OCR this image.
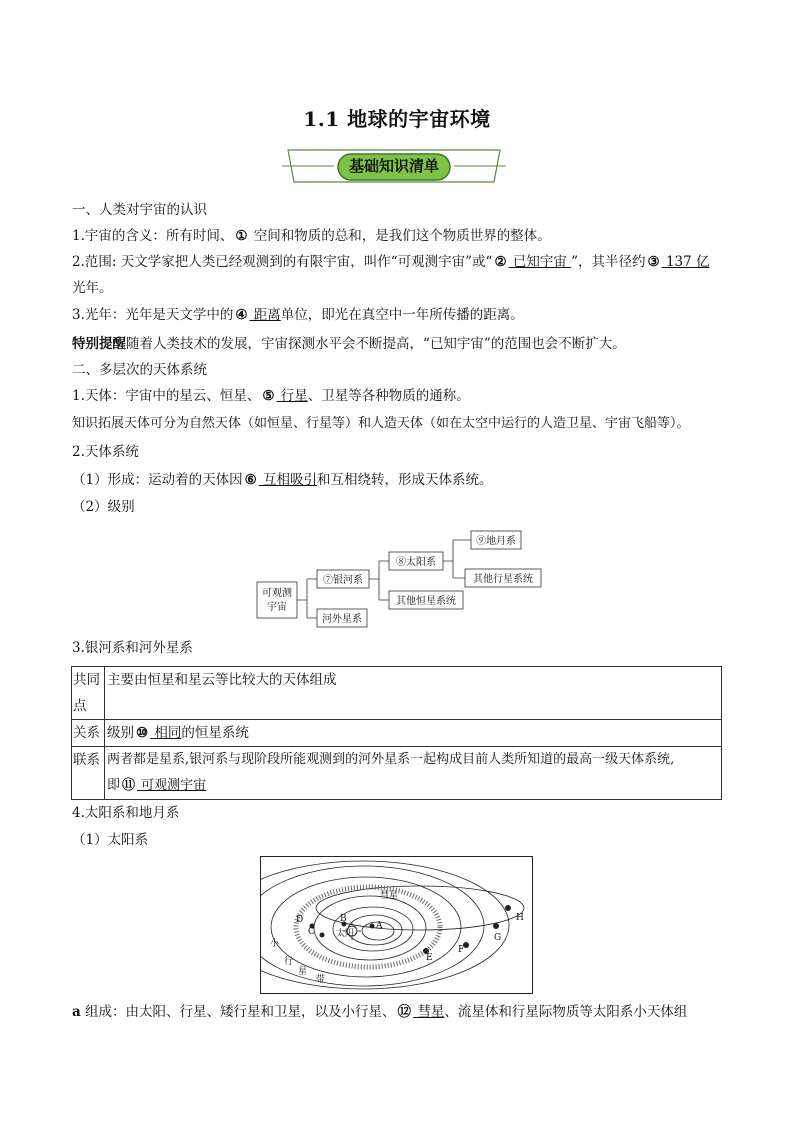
1.1 地球的宇宙环境
基础知识清单
一、人类对宇宙的认识
1.宇宙的含义：所有时间、 ① 空间和物质的总和，是我们这个物质世界的整体。
2.范围: 天文学家把人类已经观测到的有限宇宙，叫作“可观测宇宙”或“ ② 已知宇宙 ”，其半径约 ③ 137 亿
光年。
3.光年：光年是天文学中的 ④ 距离单位，即光在真空中一年所传播的距离。
特别提醒随着人类技术的发展，宇宙探测水平会不断提高，“已知宇宙”的范围也会不断扩大。
二、多层次的天体系统
1.天体：宇宙中的星云、恒星、 ⑤ 行星、卫星等各种物质的通称。
知识拓展天体可分为自然天体（如恒星、行星等）和人造天体（如在太空中运行的人造卫星、宇宙飞船等）。
2.天体系统
（1）形成：运动着的天体因 ⑥ 互相吸引和互相绕转，形成天体系统。
（2）级别
可观测
宇宙
⑦银河系
河外星系
⑧太阳系
其他恒星系统
⑨地月系
其他行星系统
3.银河系和河外星系
共同点	主要由恒星和星云等比较大的天体组成
关系	级别 ⑩ 相同的恒星系统
联系	两者都是星系,银河系与现阶段所能观测到的河外星系一起构成目前人类所知道的最高一级天体系统,
即 ⑪ 可观测宇宙
4.太阳系和地月系
（1）太阳系
太阳
A
B
C
D
E
F
G
H
彗星
小
行
星
带
a 组成：由太阳、行星、矮行星和卫星，以及小行星、 ⑫ 彗星、流星体和行星际物质等太阳系小天体组
